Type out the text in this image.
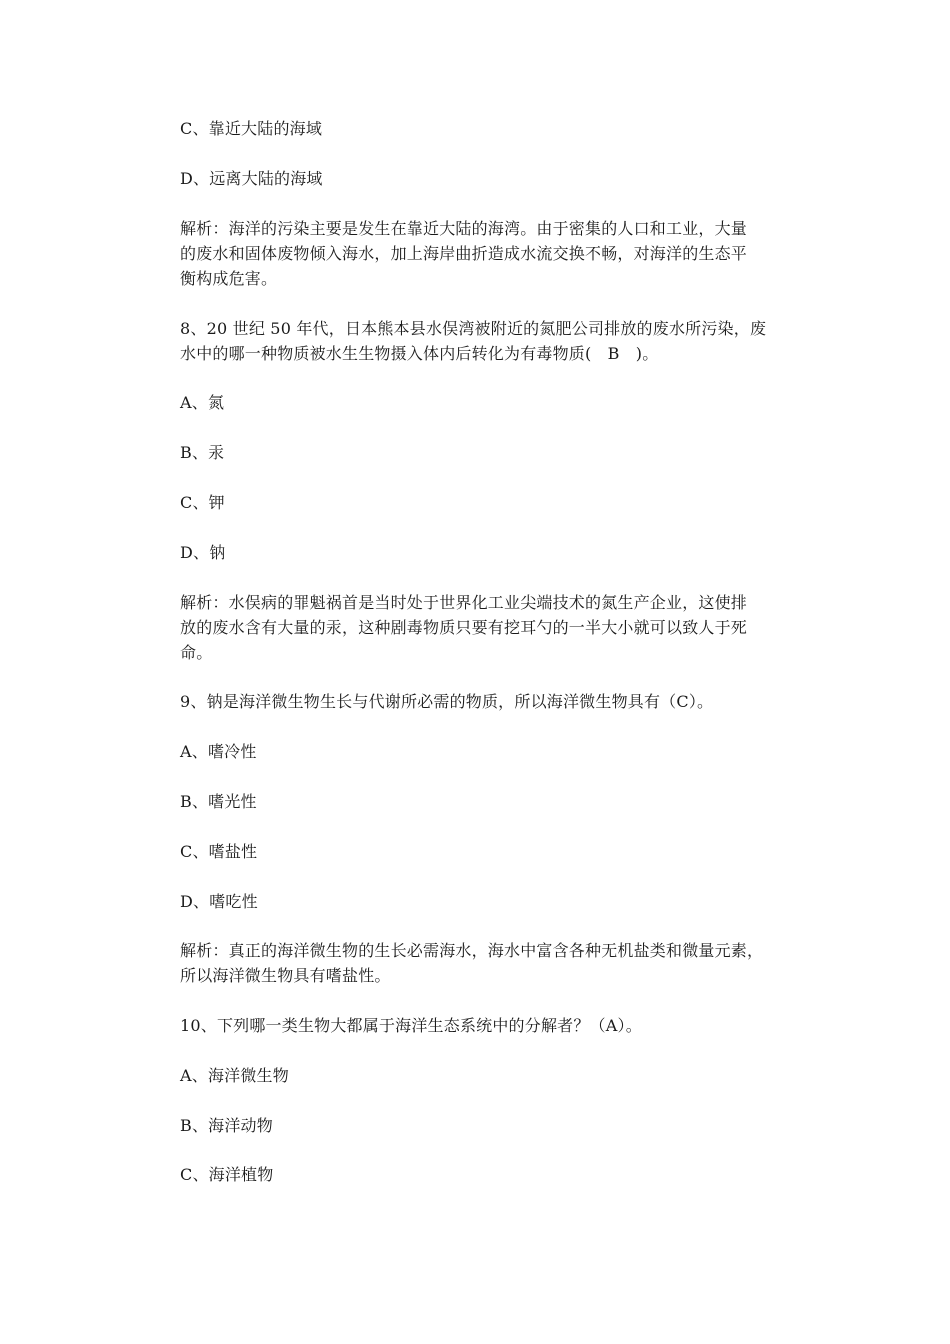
C、靠近大陆的海域
D、远离大陆的海域
解析：海洋的污染主要是发生在靠近大陆的海湾。由于密集的人口和工业，大量
的废水和固体废物倾入海水，加上海岸曲折造成水流交换不畅，对海洋的生态平
衡构成危害。
8、20 世纪 50 年代，日本熊本县水俣湾被附近的氮肥公司排放的废水所污染，废
水中的哪一种物质被水生生物摄入体内后转化为有毒物质(　B　)。
A、氮
B、汞
C、钾
D、钠
解析：水俣病的罪魁祸首是当时处于世界化工业尖端技术的氮生产企业，这使排
放的废水含有大量的汞，这种剧毒物质只要有挖耳勺的一半大小就可以致人于死
命。
9、钠是海洋微生物生长与代谢所必需的物质，所以海洋微生物具有（C）。
A、嗜冷性
B、嗜光性
C、嗜盐性
D、嗜吃性
解析：真正的海洋微生物的生长必需海水，海水中富含各种无机盐类和微量元素，
所以海洋微生物具有嗜盐性。
10、下列哪一类生物大都属于海洋生态系统中的分解者？（A）。
A、海洋微生物
B、海洋动物
C、海洋植物
